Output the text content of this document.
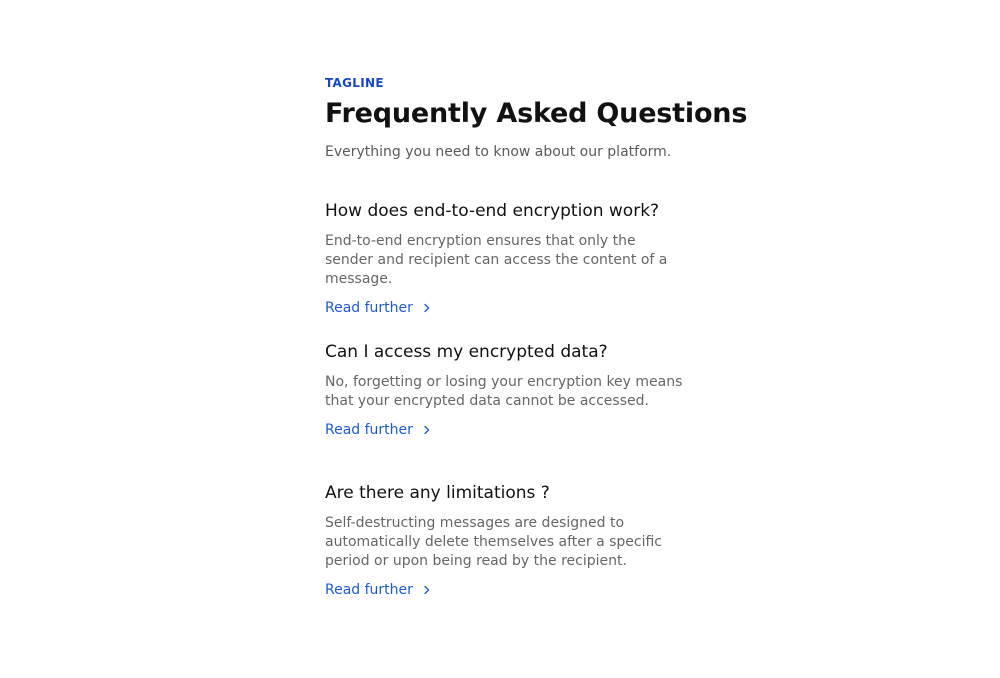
TAGLINE
Frequently Asked Questions

Everything you need to know about our platform.

How does end-to-end encryption work?

End-to-end encryption ensures that only the sender and recipient can access the content of a message.

Read further
Can I access my encrypted data?

No, forgetting or losing your encryption key means that your encrypted data cannot be accessed.

Read further
Are there any limitations ?

Self-destructing messages are designed to automatically delete themselves after a specific period or upon being read by the recipient.

Read further
